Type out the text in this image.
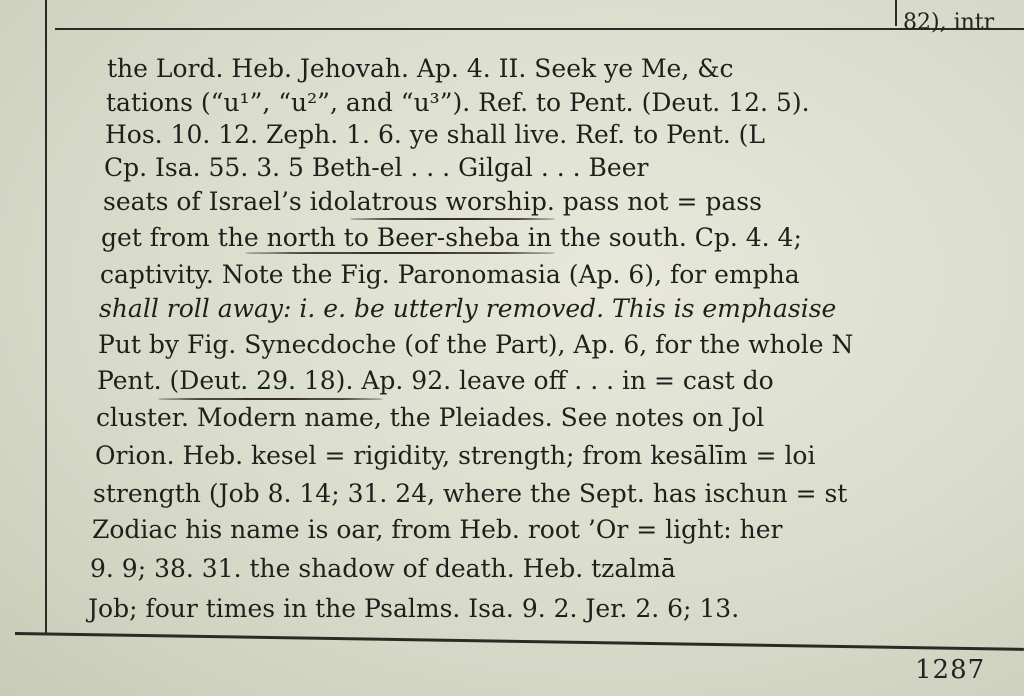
82), intr
the Lord. Heb. Jehovah. Ap. 4. II. Seek ye Me, &c
tations (“u¹”, “u²”, and “u³”). Ref. to Pent. (Deut. 12. 5).
Hos. 10. 12. Zeph. 1. 6. ye shall live. Ref. to Pent. (L
Cp. Isa. 55. 3. 5 Beth-el . . . Gilgal . . . Beer
seats of Israel’s idolatrous worship. pass not = pass
get from the north to Beer-sheba in the south. Cp. 4. 4;
captivity. Note the Fig. Paronomasia (Ap. 6), for empha
shall roll away: i. e. be utterly removed. This is emphasise
Put by Fig. Synecdoche (of the Part), Ap. 6, for the whole N
Pent. (Deut. 29. 18). Ap. 92. leave off . . . in = cast do
cluster. Modern name, the Pleiades. See notes on Jol
Orion. Heb. kesel = rigidity, strength; from kesālīm = loi
strength (Job 8. 14; 31. 24, where the Sept. has ischun = st
Zodiac his name is oar, from Heb. root ’Or = light: her
9. 9; 38. 31. the shadow of death. Heb. tzalmā
Job; four times in the Psalms. Isa. 9. 2. Jer. 2. 6; 13.
1287
